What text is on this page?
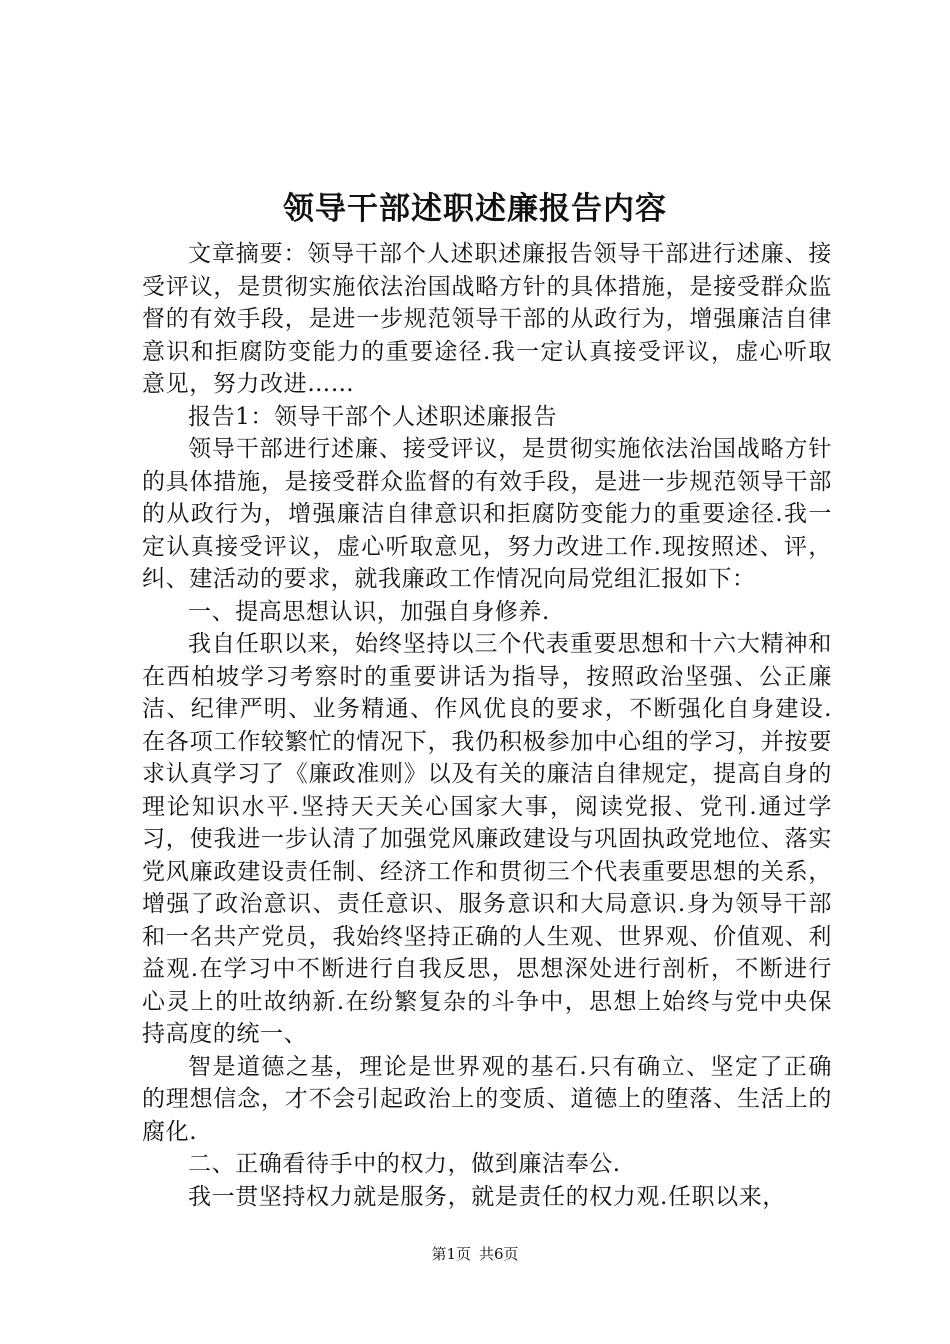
领导干部述职述廉报告内容

文章摘要：领导干部个人述职述廉报告领导干部进行述廉、接受评议，是贯彻实施依法治国战略方针的具体措施，是接受群众监督的有效手段，是进一步规范领导干部的从政行为，增强廉洁自律意识和拒腐防变能力的重要途径.我一定认真接受评议，虚心听取意见，努力改进……

报告1：领导干部个人述职述廉报告

领导干部进行述廉、接受评议，是贯彻实施依法治国战略方针的具体措施，是接受群众监督的有效手段，是进一步规范领导干部的从政行为，增强廉洁自律意识和拒腐防变能力的重要途径.我一定认真接受评议，虚心听取意见，努力改进工作.现按照述、评，纠、建活动的要求，就我廉政工作情况向局党组汇报如下：

一、提高思想认识，加强自身修养.

我自任职以来，始终坚持以三个代表重要思想和十六大精神和在西柏坡学习考察时的重要讲话为指导，按照政治坚强、公正廉洁、纪律严明、业务精通、作风优良的要求，不断强化自身建设.在各项工作较繁忙的情况下，我仍积极参加中心组的学习，并按要求认真学习了《廉政准则》以及有关的廉洁自律规定，提高自身的理论知识水平.坚持天天关心国家大事，阅读党报、党刊.通过学习，使我进一步认清了加强党风廉政建设与巩固执政党地位、落实党风廉政建设责任制、经济工作和贯彻三个代表重要思想的关系，增强了政治意识、责任意识、服务意识和大局意识.身为领导干部和一名共产党员，我始终坚持正确的人生观、世界观、价值观、利益观.在学习中不断进行自我反思，思想深处进行剖析，不断进行心灵上的吐故纳新.在纷繁复杂的斗争中，思想上始终与党中央保持高度的统一、

智是道德之基，理论是世界观的基石.只有确立、坚定了正确的理想信念，才不会引起政治上的变质、道德上的堕落、生活上的腐化.

二、正确看待手中的权力，做到廉洁奉公.

我一贯坚持权力就是服务，就是责任的权力观.任职以来，

第1页 共6页
